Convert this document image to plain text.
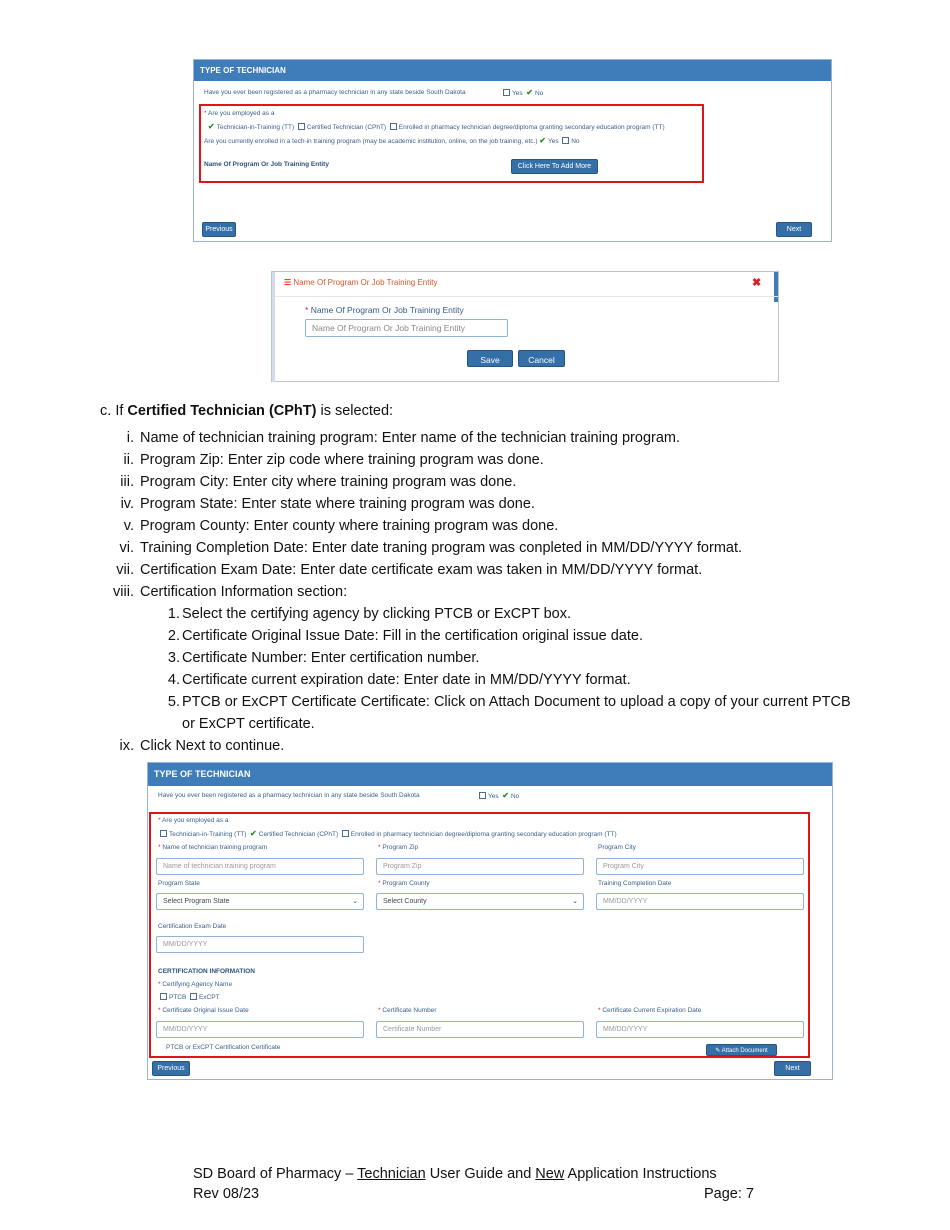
TYPE OF TECHNICIAN
Have you ever been registered as a pharmacy technician in any state beside South Dakota	Yes ✔ No
* Are you employed as a
✔ Technician-in-Training (TT) Certified Technician (CPhT) Enrolled in pharmacy technician degree/diploma granting secondary education program (TT)
Are you currently enrolled in a tech-in training program (may be academic institution, online, on the job training, etc.) ✔ Yes No
Name Of Program Or Job Training Entity	Click Here To Add More
Previous	Next
☰ Name Of Program Or Job Training Entity	✖
* Name Of Program Or Job Training Entity
Name Of Program Or Job Training Entity
Save	Cancel
c. If Certified Technician (CPhT) is selected:
i. Name of technician training program: Enter name of the technician training program.
ii. Program Zip: Enter zip code where training program was done.
iii. Program City: Enter city where training program was done.
iv. Program State: Enter state where training program was done.
v. Program County: Enter county where training program was done.
vi. Training Completion Date: Enter date traning program was conpleted in MM/DD/YYYY format.
vii. Certification Exam Date: Enter date certificate exam was taken in MM/DD/YYYY format.
viii. Certification Information section:
1. Select the certifying agency by clicking PTCB or ExCPT box.
2. Certificate Original Issue Date: Fill in the certification original issue date.
3. Certificate Number: Enter certification number.
4. Certificate current expiration date: Enter date in MM/DD/YYYY format.
5. PTCB or ExCPT Certificate Certificate: Click on Attach Document to upload a copy of your current PTCB
or ExCPT certificate.
ix. Click Next to continue.
TYPE OF TECHNICIAN
Have you ever been registered as a pharmacy technician in any state beside South Dakota	Yes ✔ No
* Are you employed as a
Technician-in-Training (TT) ✔ Certified Technician (CPhT) Enrolled in pharmacy technician degree/diploma granting secondary education program (TT)
* Name of technician training program
Name of technician training program
* Program Zip
Program Zip
Program City
Program City
Program State
Select Program State	⌄
* Program County
Select County	⌄
Training Completion Date
MM/DD/YYYY
Certification Exam Date
MM/DD/YYYY
CERTIFICATION INFORMATION
* Certifying Agency Name
PTCB ExCPT
* Certificate Original Issue Date
MM/DD/YYYY
* Certificate Number
Certificate Number
* Certificate Current Expiration Date
MM/DD/YYYY
PTCB or ExCPT Certification Certificate	✎ Attach Document
Previous	Next
SD Board of Pharmacy – Technician User Guide and New Application Instructions
Rev 08/23	Page: 7
